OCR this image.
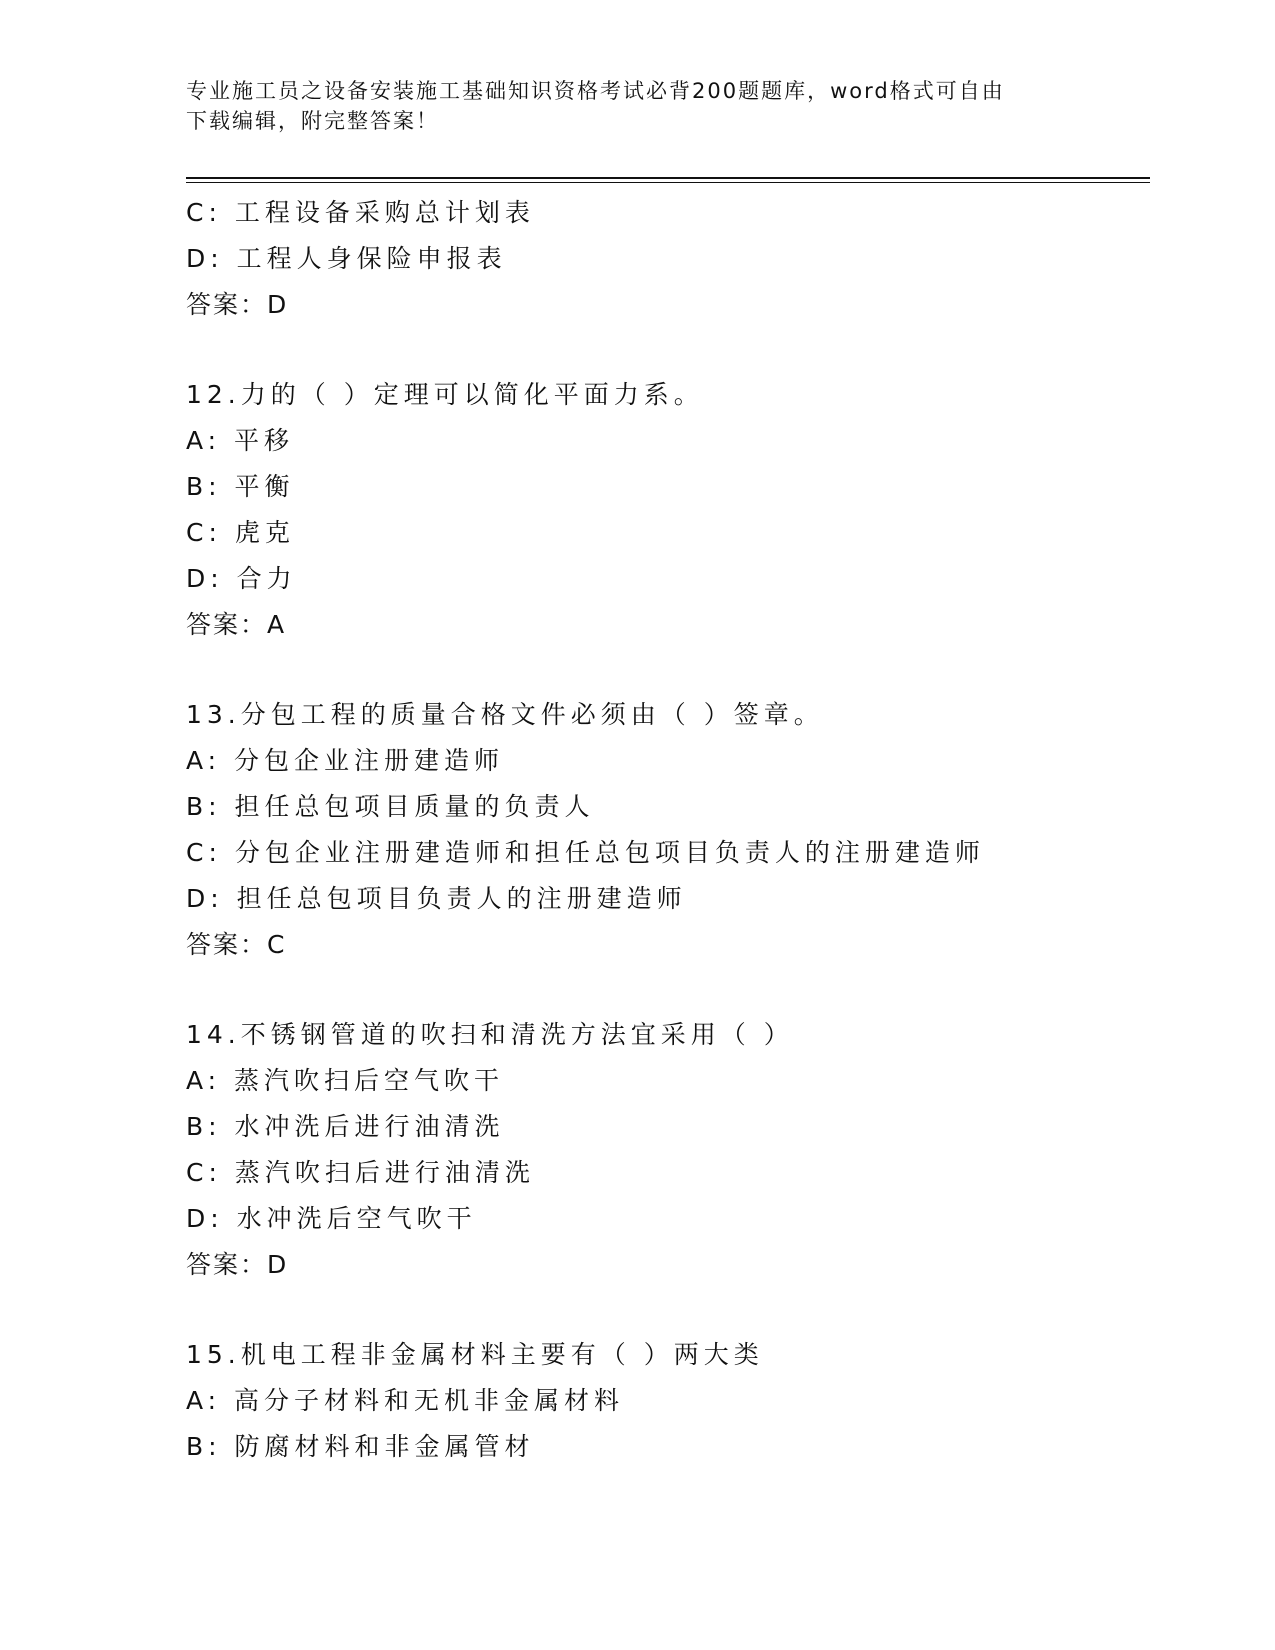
专业施工员之设备安装施工基础知识资格考试必背200题题库，word格式可自由
下载编辑，附完整答案！
C: 工程设备采购总计划表
D: 工程人身保险申报表
答案：D
12.力的（ ）定理可以简化平面力系。
A: 平移
B: 平衡
C: 虎克
D: 合力
答案：A
13.分包工程的质量合格文件必须由（ ）签章。
A: 分包企业注册建造师
B: 担任总包项目质量的负责人
C: 分包企业注册建造师和担任总包项目负责人的注册建造师
D: 担任总包项目负责人的注册建造师
答案：C
14.不锈钢管道的吹扫和清洗方法宜采用（ ）
A: 蒸汽吹扫后空气吹干
B: 水冲洗后进行油清洗
C: 蒸汽吹扫后进行油清洗
D: 水冲洗后空气吹干
答案：D
15.机电工程非金属材料主要有（ ）两大类
A: 高分子材料和无机非金属材料
B: 防腐材料和非金属管材
